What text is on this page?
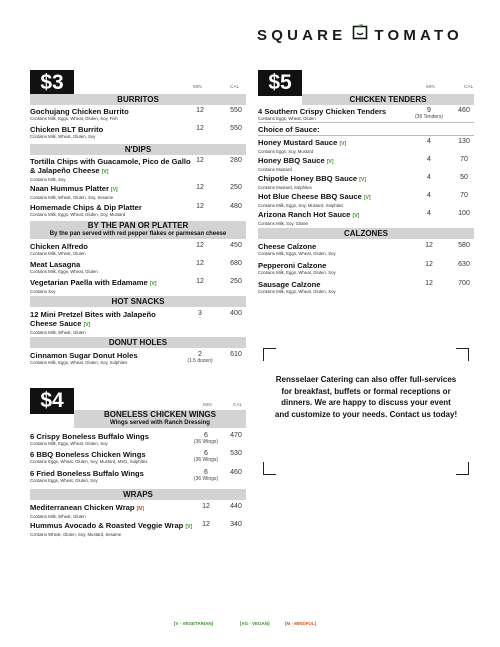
SQUARE TOMATO
$3	MIN	CAL
BURRITOS
Gochujang Chicken Burrito
Contains Milk, Eggs, Wheat, Gluten, Soy, Fish
12	550
Chicken BLT Burrito
Contains Milk, Wheat, Gluten, Soy
12	550
N'DIPS
Tortilla Chips with Guacamole, Pico de Gallo
& Jalapeño Cheese [V]
Contains Milk, Soy
12	280
Naan Hummus Platter [V]
Contains Milk, Wheat, Gluten, Soy, Sesame
12	250
Homemade Chips & Dip Platter
Contains Milk, Eggs, Wheat, Gluten, Soy, Mustard
12	480
BY THE PAN OR PLATTER
By the pan served with red pepper flakes or parmesan cheese
Chicken Alfredo
Contains Milk, Wheat, Gluten
12	450
Meat Lasagna
Contains Milk, Eggs, Wheat, Gluten
12	680
Vegetarian Paella with Edamame [V]
Contains Soy
12	250
HOT SNACKS
12 Mini Pretzel Bites with Jalapeño
Cheese Sauce [V]
Contains Milk, Wheat, Gluten
3	400
DONUT HOLES
Cinnamon Sugar Donut Holes
Contains Milk, Eggs, Wheat, Gluten, Soy, Sulphites
2
(1.5 dozen)
610
$4	MIN	CAL
BONELESS CHICKEN WINGS
Wings served with Ranch Dressing
6 Crispy Boneless Buffalo Wings
Contains Milk, Eggs, Wheat, Gluten, Soy
6
(36 Wings)
470
6 BBQ Boneless Chicken Wings
Contains Eggs, Wheat, Gluten, Soy, Mustard, MSG, Sulphites
6
(36 Wings)
530
6 Fried Boneless Buffalo Wings
Contains Eggs, Wheat, Gluten, Soy
6
(36 Wings)
460
WRAPS
Mediterranean Chicken Wrap [M]
Contains Milk, Wheat, Gluten
12	440
Hummus Avocado & Roasted Veggie Wrap [V]
Contains Wheat, Gluten, Soy, Mustard, Sesame
12	340
$5	MIN	CAL
CHICKEN TENDERS
4 Southern Crispy Chicken Tenders
Contains Eggs, Wheat, Gluten
9
(36 Tenders)
460
Choice of Sauce:
Honey Mustard Sauce [V]
Contains Eggs, Soy, Mustard
4	130
Honey BBQ Sauce [V]
Contains Mustard
4	70
Chipotle Honey BBQ Sauce [V]
Contains Mustard, Sulphites
4	50
Hot Blue Cheese BBQ Sauce [V]
Contains Milk, Eggs, Soy, Mustard, Sulphites
4	70
Arizona Ranch Hot Sauce [V]
Contains Milk, Soy, Gluten
4	100
CALZONES
Cheese Calzone
Contains Milk, Eggs, Wheat, Gluten, Soy
12	580
Pepperoni Calzone
Contains Milk, Eggs, Wheat, Gluten, Soy
12	630
Sausage Calzone
Contains Milk, Eggs, Wheat, Gluten, Soy
12	700

Rensselaer Catering can also offer full-services for breakfast, buffets or formal receptions or dinners. We are happy to discuss your event and customize to your needs. Contact us today!

[V - VEGETARIAN]	[VG - VEGAN]	[M - MINDFUL]
